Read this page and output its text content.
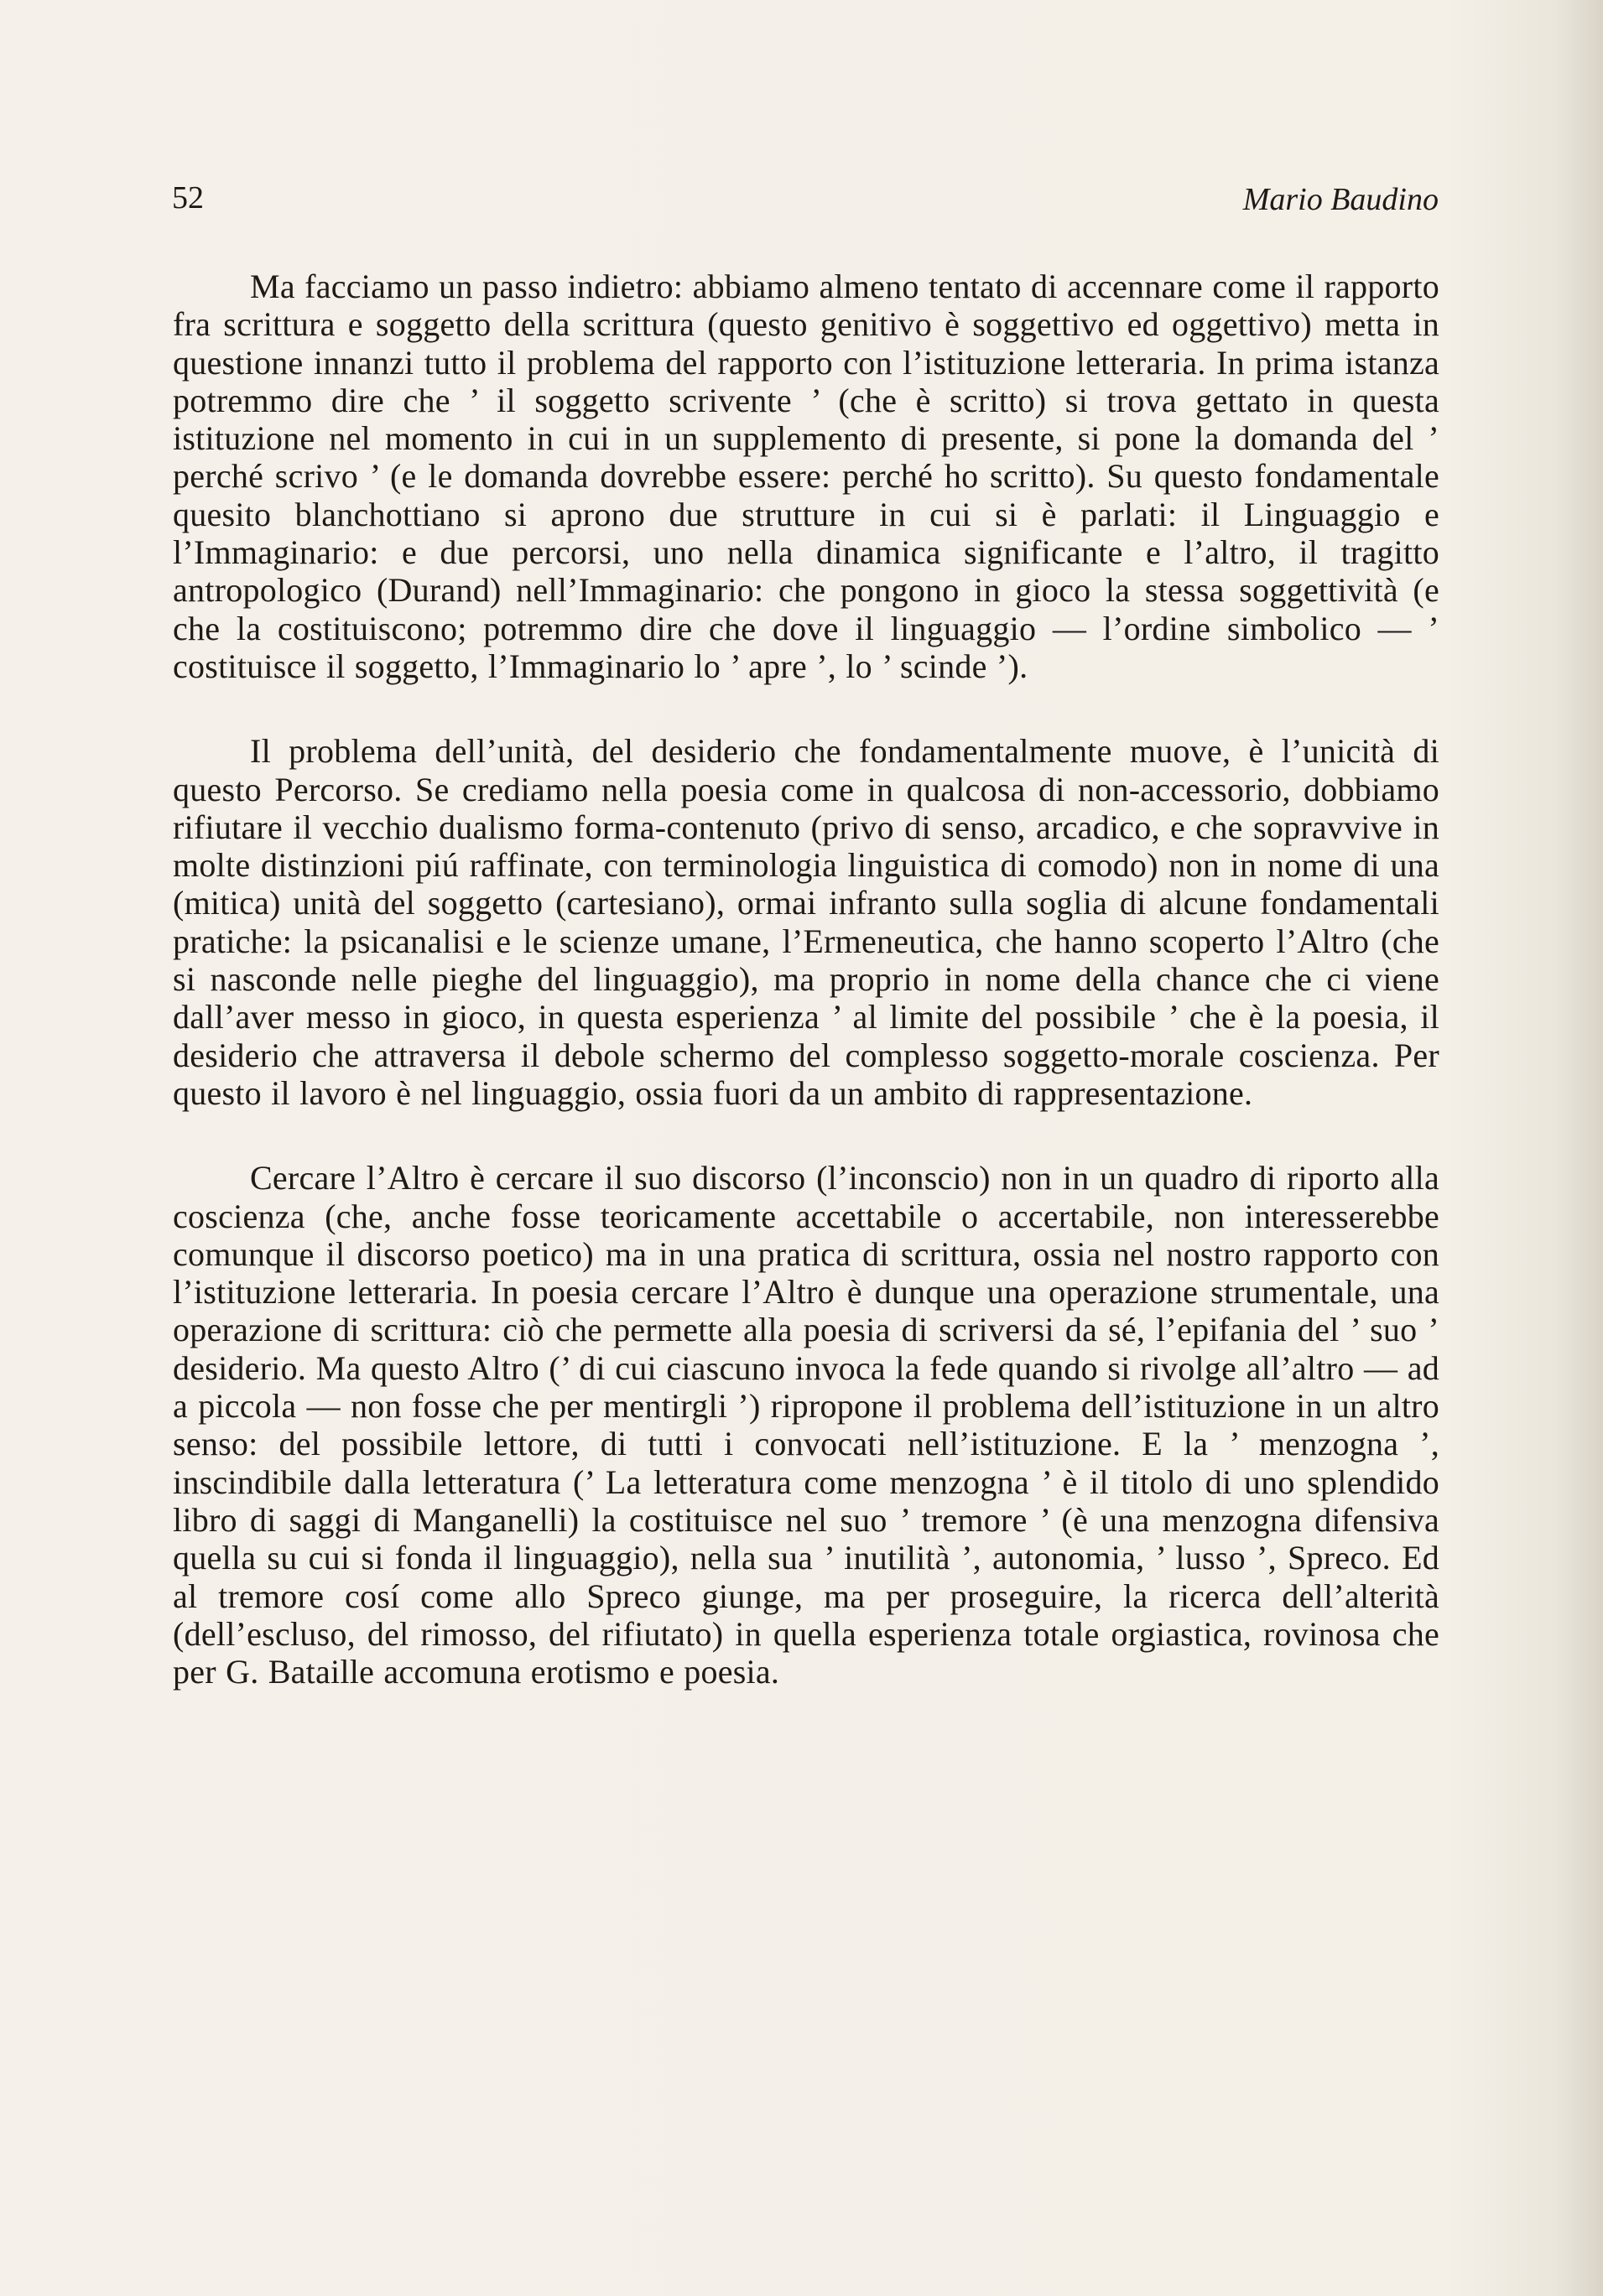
52	Mario Baudino

Ma facciamo un passo indietro: abbiamo almeno tentato di accennare come il rapporto fra scrittura e soggetto della scrittura (questo genitivo è soggettivo ed oggettivo) metta in questione innanzi tutto il problema del rapporto con l’istituzione letteraria. In prima istanza potremmo dire che ’ il soggetto scrivente ’ (che è scritto) si trova gettato in questa istituzione nel momento in cui in un supplemento di presente, si pone la domanda del ’ perché scrivo ’ (e le domanda dovrebbe essere: perché ho scritto). Su questo fondamentale quesito blanchottiano si aprono due strutture in cui si è parlati: il Linguaggio e l’Immaginario: e due percorsi, uno nella dinamica significante e l’altro, il tragitto antropologico (Durand) nell’Immaginario: che pongono in gioco la stessa soggettività (e che la costituiscono; potremmo dire che dove il linguaggio — l’ordine simbolico — ’ costituisce il soggetto, l’Immaginario lo ’ apre ’, lo ’ scinde ’).

Il problema dell’unità, del desiderio che fondamentalmente muove, è l’unicità di questo Percorso. Se crediamo nella poesia come in qualcosa di non-accessorio, dobbiamo rifiutare il vecchio dualismo forma-contenuto (privo di senso, arcadico, e che sopravvive in molte distinzioni piú raffinate, con terminologia linguistica di comodo) non in nome di una (mitica) unità del soggetto (cartesiano), ormai infranto sulla soglia di alcune fondamentali pratiche: la psicanalisi e le scienze umane, l’Ermeneutica, che hanno scoperto l’Altro (che si nasconde nelle pieghe del linguaggio), ma proprio in nome della chance che ci viene dall’aver messo in gioco, in questa esperienza ’ al limite del possibile ’ che è la poesia, il desiderio che attraversa il debole schermo del complesso soggetto-morale coscienza. Per questo il lavoro è nel linguaggio, ossia fuori da un ambito di rappresentazione.

Cercare l’Altro è cercare il suo discorso (l’inconscio) non in un quadro di riporto alla coscienza (che, anche fosse teoricamente accettabile o accertabile, non interesserebbe comunque il discorso poetico) ma in una pratica di scrittura, ossia nel nostro rapporto con l’istituzione letteraria. In poesia cercare l’Altro è dunque una operazione strumentale, una operazione di scrittura: ciò che permette alla poesia di scriversi da sé, l’epifania del ’ suo ’ desiderio. Ma questo Altro (’ di cui ciascuno invoca la fede quando si rivolge all’altro — ad a piccola — non fosse che per mentirgli ’) ripropone il problema dell’istituzione in un altro senso: del possibile lettore, di tutti i convocati nell’istituzione. E la ’ menzogna ’, inscindibile dalla letteratura (’ La letteratura come menzogna ’ è il titolo di uno splendido libro di saggi di Manganelli) la costituisce nel suo ’ tremore ’ (è una menzogna difensiva quella su cui si fonda il linguaggio), nella sua ’ inutilità ’, autonomia, ’ lusso ’, Spreco. Ed al tremore cosí come allo Spreco giunge, ma per proseguire, la ricerca dell’alterità (dell’escluso, del rimosso, del rifiutato) in quella esperienza totale orgiastica, rovinosa che per G. Bataille accomuna erotismo e poesia.
